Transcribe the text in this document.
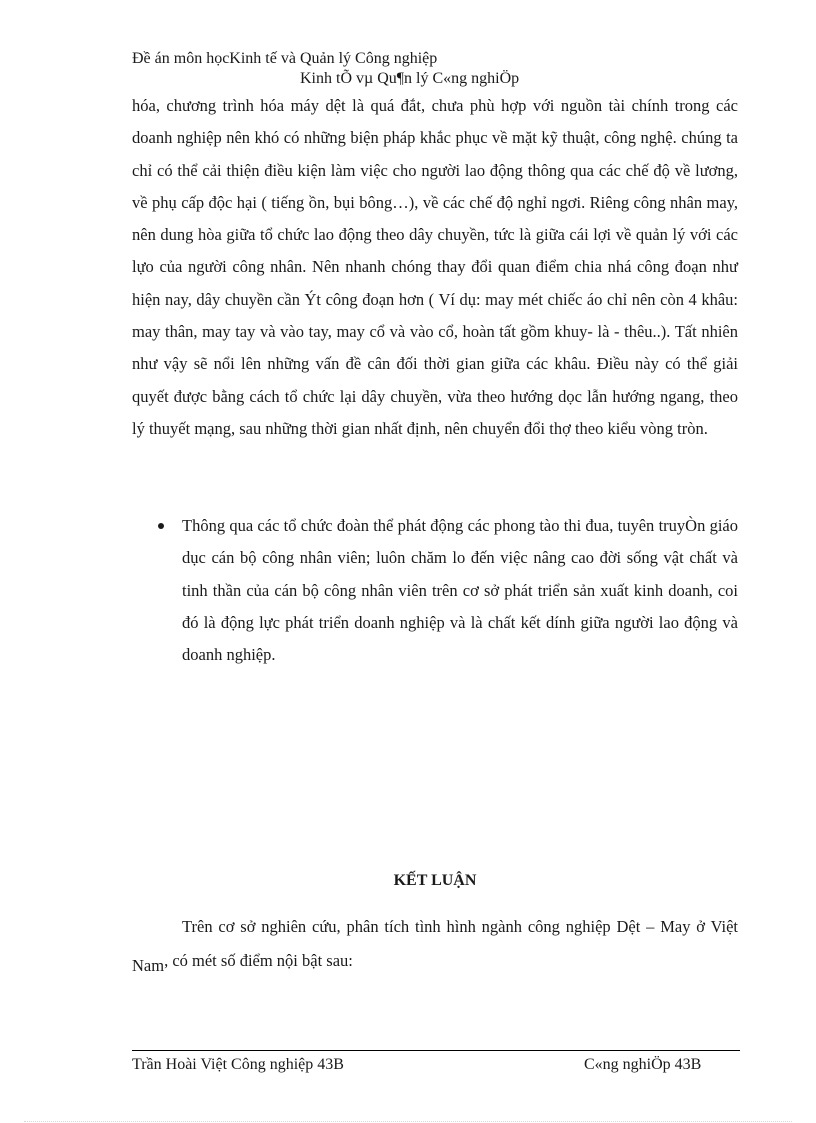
Đề án môn họcKinh tế và Quản lý Công nghiệp
Kinh tÕ vµ Qu¶n lý C«ng nghiÖp

hóa, chương trình hóa máy dệt là quá đắt, chưa phù hợp với nguồn tài chính trong các doanh nghiệp nên khó có những biện pháp khắc phục về mặt kỹ thuật, công nghệ. chúng ta chỉ có thể cải thiện điều kiện làm việc cho người lao động thông qua các chế độ về lương, về phụ cấp độc hại ( tiếng ồn, bụi bông…), về các chế độ nghỉ ngơi. Riêng công nhân may, nên dung hòa giữa tổ chức lao động theo dây chuyền, tức là giữa cái lợi về quản lý với các lựo của người công nhân. Nên nhanh chóng thay đổi quan điểm chia nhá công đoạn như hiện nay, dây chuyền cần Ýt công đoạn hơn ( Ví dụ: may mét chiếc áo chỉ nên còn 4 khâu: may thân, may tay và vào tay, may cổ và vào cổ, hoàn tất gồm khuy- là - thêu..). Tất nhiên như vậy sẽ nổi lên những vấn đề cân đối thời gian giữa các khâu. Điều này có thể giải quyết được bằng cách tổ chức lại dây chuyền, vừa theo hướng dọc lẫn hướng ngang, theo lý thuyết mạng, sau những thời gian nhất định, nên chuyển đổi thợ theo kiểu vòng tròn.

Thông qua các tổ chức đoàn thể phát động các phong tào thi đua, tuyên truyÒn giáo dục cán bộ công nhân viên; luôn chăm lo đến việc nâng cao đời sống vật chất và tinh thần của cán bộ công nhân viên trên cơ sở phát triển sản xuất kinh doanh, coi đó là động lực phát triển doanh nghiệp và là chất kết dính giữa người lao động và doanh nghiệp.
KẾT LUẬN

Trên cơ sở nghiên cứu, phân tích tình hình ngành công nghiệp Dệt – May ở Việt Nam, có mét số điểm nội bật sau:

Trần Hoài Việt Công nghiệp 43B	C«ng nghiÖp 43B
